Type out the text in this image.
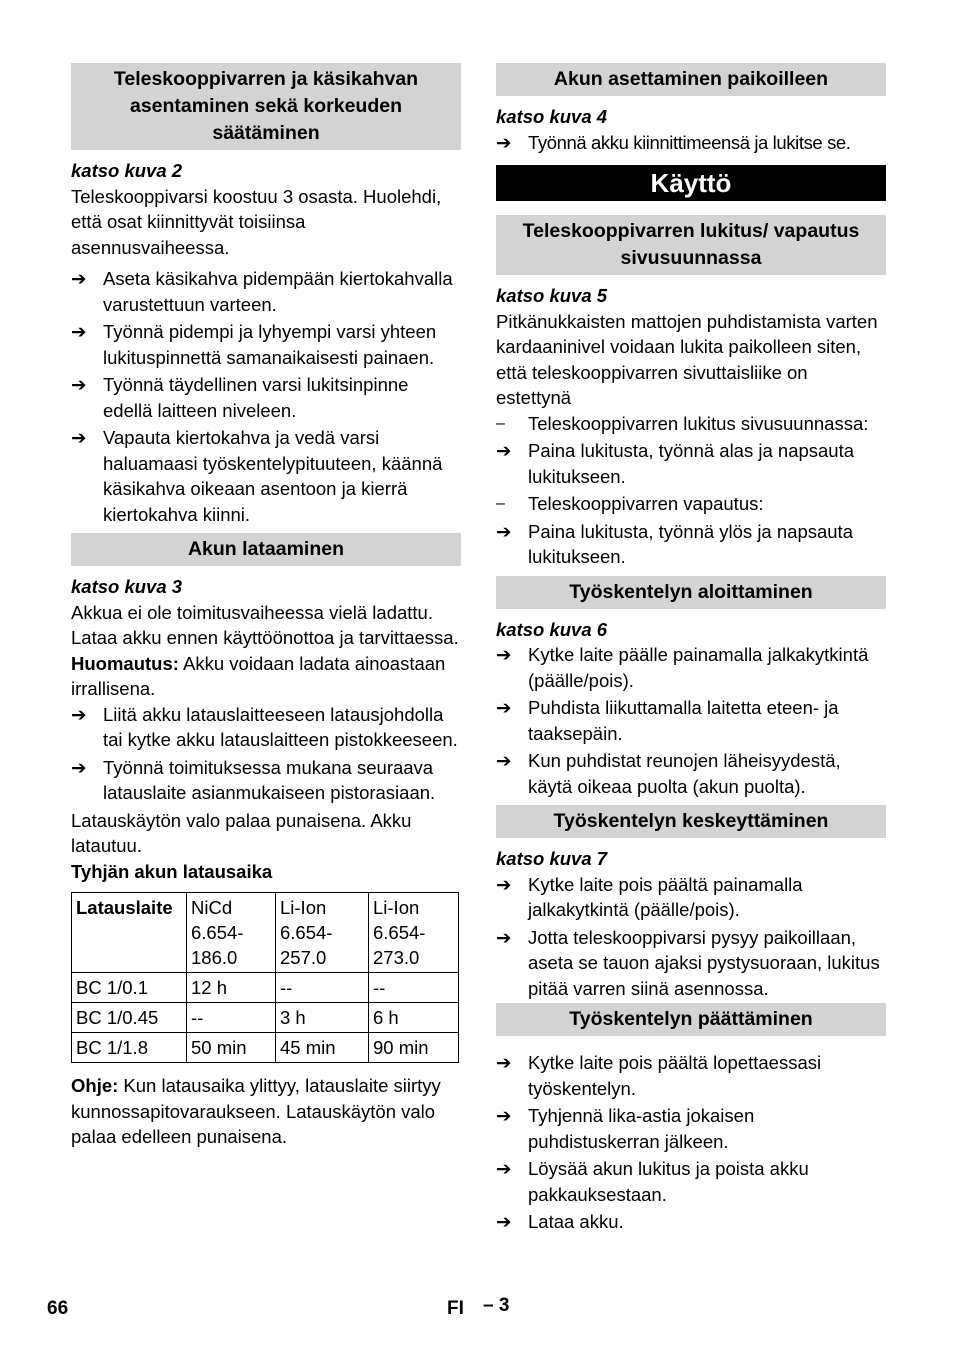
Teleskooppivarren ja käsikahvan asentaminen sekä korkeuden säätäminen

katso kuva 2

Teleskooppivarsi koostuu 3 osasta. Huolehdi, että osat kiinnittyvät toisiinsa asennusvaiheessa.

➔ Aseta käsikahva pidempään kiertokahvalla varustettuun varteen.
➔ Työnnä pidempi ja lyhyempi varsi yhteen lukituspinnettä samanaikaisesti painaen.
➔ Työnnä täydellinen varsi lukitsinpinne edellä laitteen niveleen.
➔ Vapauta kiertokahva ja vedä varsi haluamaasi työskentelypituuteen, käännä käsikahva oikeaan asentoon ja kierrä kiertokahva kiinni.
Akun lataaminen

katso kuva 3

Akkua ei ole toimitusvaiheessa vielä ladattu. Lataa akku ennen käyttöönottoa ja tarvittaessa.

Huomautus: Akku voidaan ladata ainoastaan irrallisena.

➔ Liitä akku latauslaitteeseen latausjohdolla tai kytke akku latauslaitteen pistokkeeseen.
➔ Työnnä toimituksessa mukana seuraava latauslaite asianmukaiseen pistorasiaan.

Latauskäytön valo palaa punaisena. Akku latautuu.

Tyhjän akun latausaika

Latauslaite	NiCd 6.654-186.0	Li-Ion 6.654-257.0	Li-Ion 6.654-273.0
BC 1/0.1	12 h	--	--
BC 1/0.45	--	3 h	6 h
BC 1/1.8	50 min	45 min	90 min

Ohje: Kun latausaika ylittyy, latauslaite siirtyy kunnossapitovaraukseen. Latauskäytön valo palaa edelleen punaisena.

Akun asettaminen paikoilleen

katso kuva 4

➔ Työnnä akku kiinnittimeensä ja lukitse se.
Käyttö
Teleskooppivarren lukitus/ vapautus sivusuunnassa

katso kuva 5

Pitkänukkaisten mattojen puhdistamista varten kardaaninivel voidaan lukita paikolleen siten, että teleskooppivarren sivuttaisliike on estettynä

–	Teleskooppivarren lukitus sivusuunnassa:
➔ Paina lukitusta, työnnä alas ja napsauta lukitukseen.
–	Teleskooppivarren vapautus:
➔ Paina lukitusta, työnnä ylös ja napsauta lukitukseen.
Työskentelyn aloittaminen

katso kuva 6

➔ Kytke laite päälle painamalla jalkakytkintä (päälle/pois).
➔ Puhdista liikuttamalla laitetta eteen- ja taaksepäin.
➔ Kun puhdistat reunojen läheisyydestä, käytä oikeaa puolta (akun puolta).
Työskentelyn keskeyttäminen

katso kuva 7

➔ Kytke laite pois päältä painamalla jalkakytkintä (päälle/pois).
➔ Jotta teleskooppivarsi pysyy paikoillaan, aseta se tauon ajaksi pystysuoraan, lukitus pitää varren siinä asennossa.
Työskentelyn päättäminen
➔ Kytke laite pois päältä lopettaessasi työskentelyn.
➔ Tyhjennä lika-astia jokaisen puhdistuskerran jälkeen.
➔ Löysää akun lukitus ja poista akku pakkauksestaan.
➔ Lataa akku.
66	FI – 3
